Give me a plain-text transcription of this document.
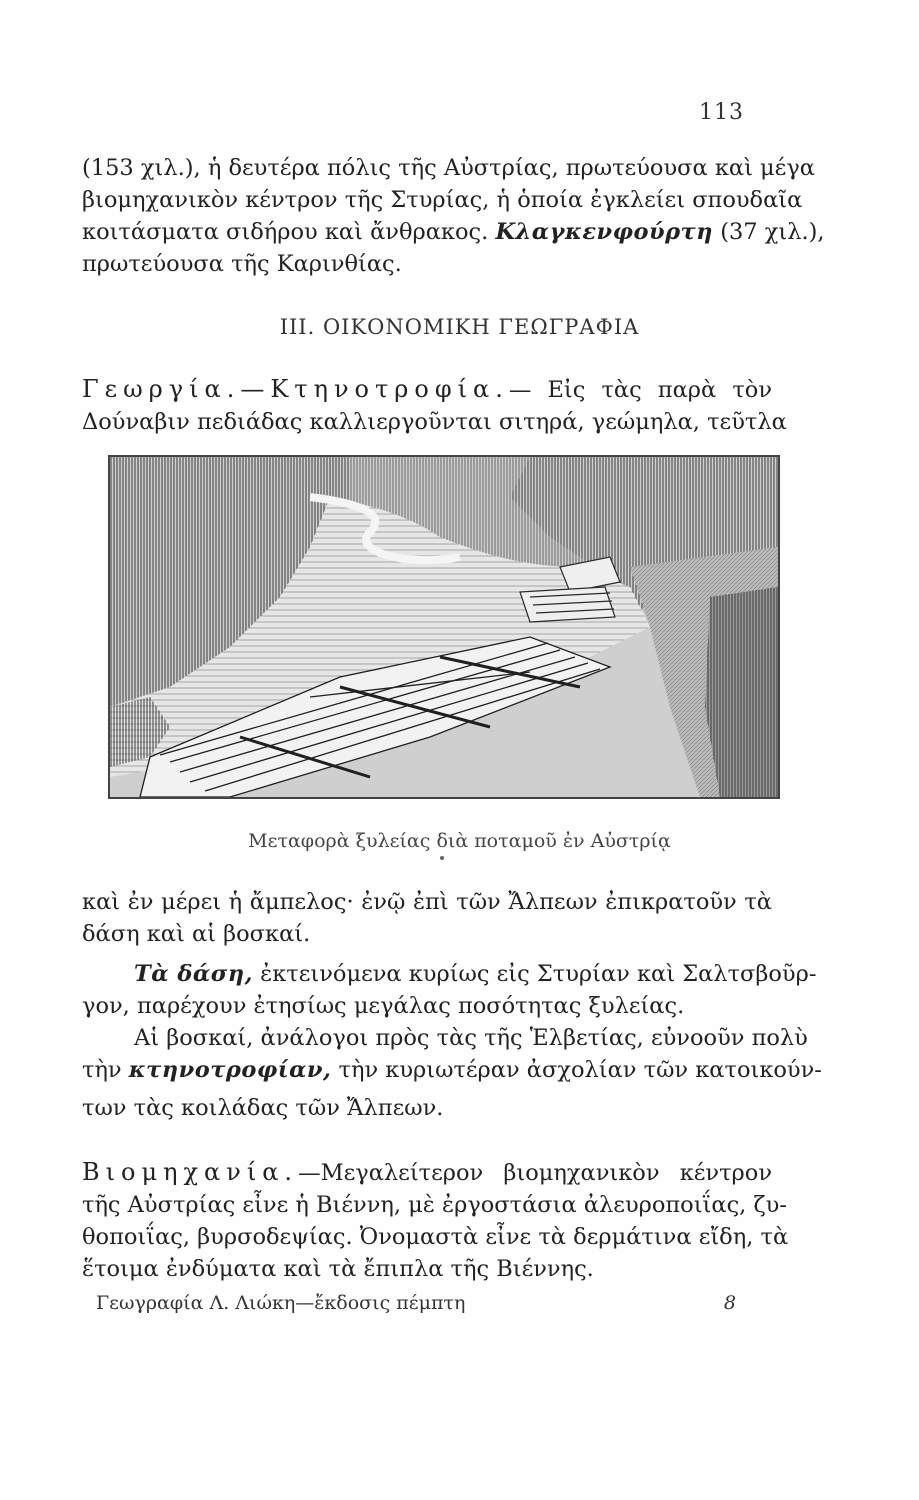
113
(153 χιλ.), ἡ δευτέρα πόλις τῆς Αὐστρίας, πρωτεύουσα καὶ μέγα
βιομηχανικὸν κέντρον τῆς Στυρίας, ἡ ὁποία ἐγκλείει σπουδαῖα
κοιτάσματα σιδήρου καὶ ἄνθρακος. Κλαγκενφούρτη (37 χιλ.),
πρωτεύουσα τῆς Καρινθίας.
III. ΟΙΚΟΝΟΜΙΚΗ ΓΕΩΓΡΑΦΙΑ
Γεωργία.—Κτηνοτροφία.— Εἰς τὰς παρὰ τὸν
Δούναβιν πεδιάδας καλλιεργοῦνται σιτηρά, γεώμηλα, τεῦτλα
Μεταφορὰ ξυλείας διὰ ποταμοῦ ἐν Αὐστρίᾳ
καὶ ἐν μέρει ἡ ἄμπελος· ἐνῷ ἐπὶ τῶν Ἄλπεων ἐπικρατοῦν τὰ
δάση καὶ αἱ βοσκαί.
Τὰ δάση, ἐκτεινόμενα κυρίως εἰς Στυρίαν καὶ Σαλτσβοῦρ-
γον, παρέχουν ἐτησίως μεγάλας ποσότητας ξυλείας.
Αἱ βοσκαί, ἀνάλογοι πρὸς τὰς τῆς Ἑλβετίας, εὐνοοῦν πολὺ
τὴν κτηνοτροφίαν, τὴν κυριωτέραν ἀσχολίαν τῶν κατοικούν-
των τὰς κοιλάδας τῶν Ἄλπεων.
Βιομηχανία.—Μεγαλείτερον βιομηχανικὸν κέντρον
τῆς Αὐστρίας εἶνε ἡ Βιέννη, μὲ ἐργοστάσια ἀλευροποιΐας, ζυ-
θοποιΐας, βυρσοδεψίας. Ὀνομαστὰ εἶνε τὰ δερμάτινα εἴδη, τὰ
ἕτοιμα ἐνδύματα καὶ τὰ ἔπιπλα τῆς Βιέννης.
Γεωγραφία Λ. Λιώκη—ἔκδοσις πέμπτη	8
